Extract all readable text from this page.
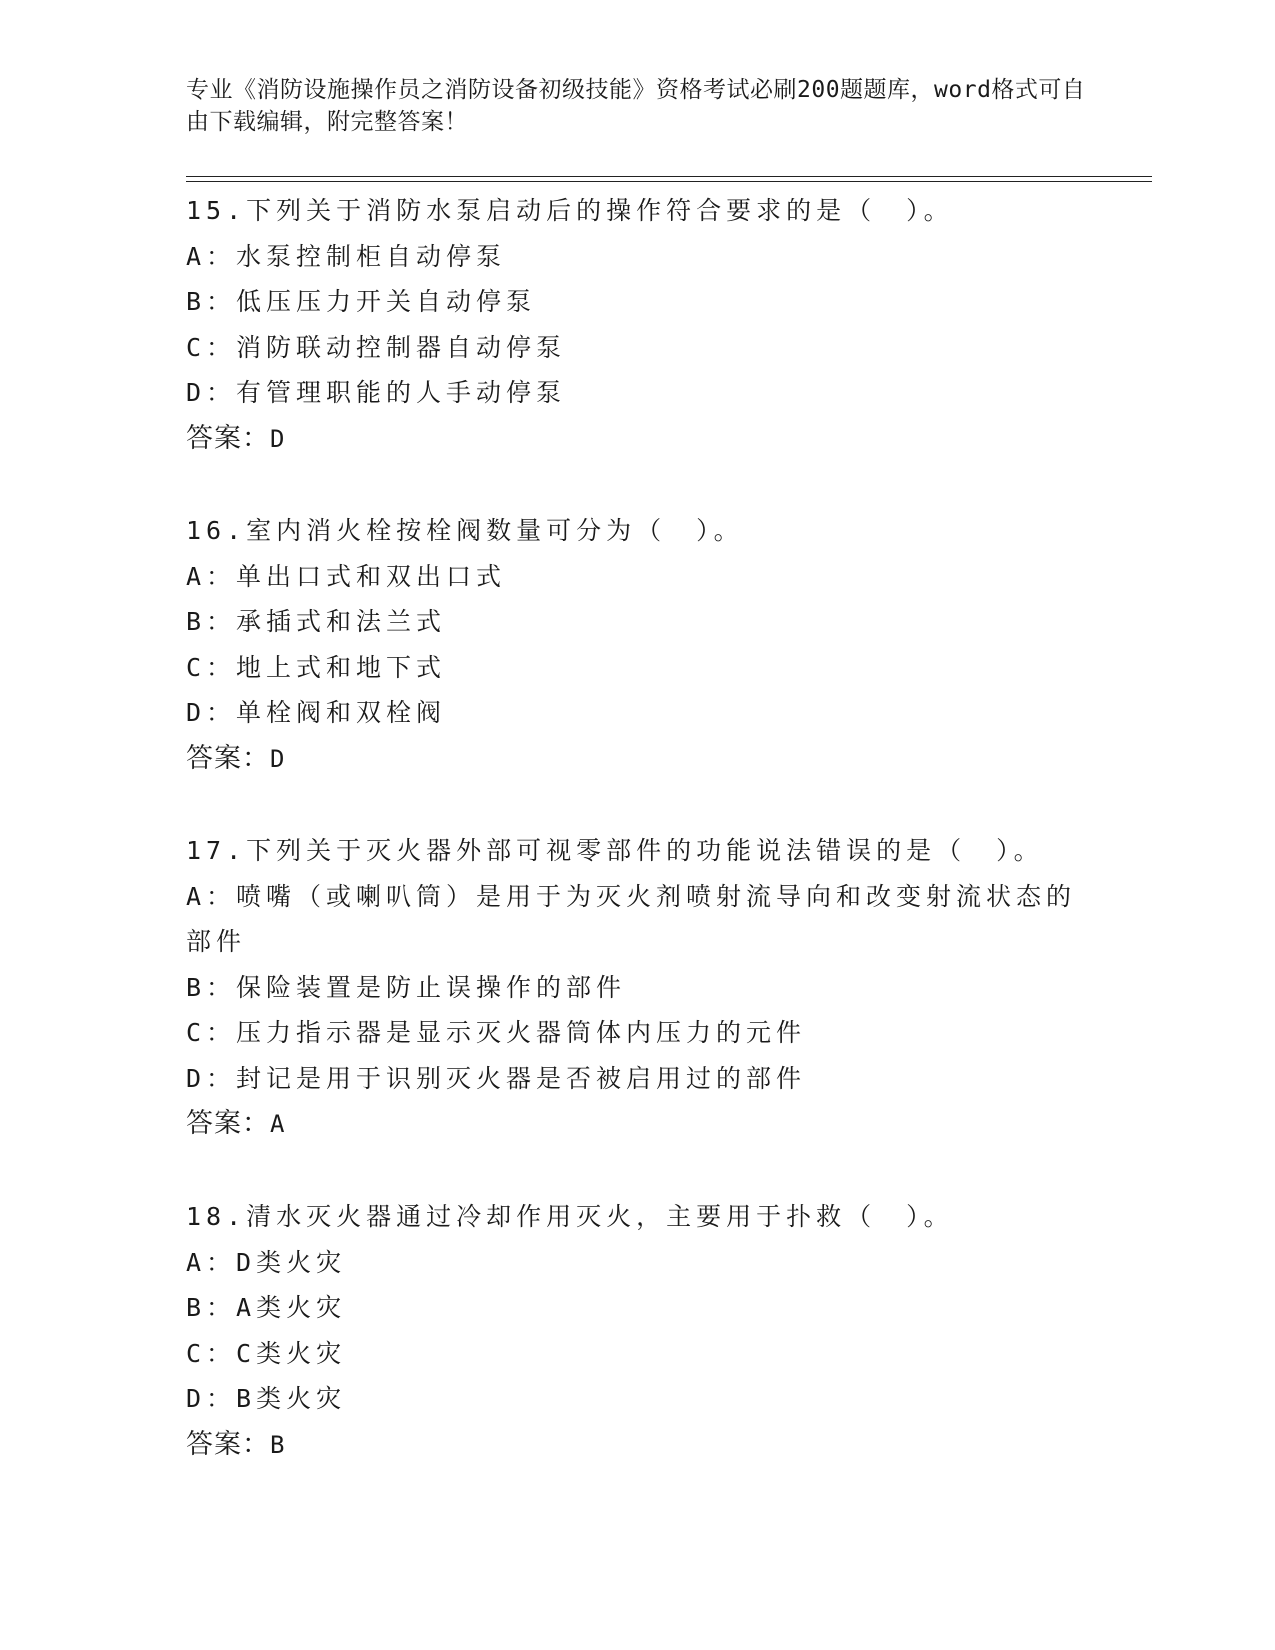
专业《消防设施操作员之消防设备初级技能》资格考试必刷200题题库，word格式可自由下载编辑，附完整答案！

15.下列关于消防水泵启动后的操作符合要求的是（　）。

A：水泵控制柜自动停泵

B：低压压力开关自动停泵

C：消防联动控制器自动停泵

D：有管理职能的人手动停泵

答案：D

16.室内消火栓按栓阀数量可分为（　）。

A：单出口式和双出口式

B：承插式和法兰式

C：地上式和地下式

D：单栓阀和双栓阀

答案：D

17.下列关于灭火器外部可视零部件的功能说法错误的是（　）。

A：喷嘴（或喇叭筒）是用于为灭火剂喷射流导向和改变射流状态的部件

B：保险装置是防止误操作的部件

C：压力指示器是显示灭火器筒体内压力的元件

D：封记是用于识别灭火器是否被启用过的部件

答案：A

18.清水灭火器通过冷却作用灭火，主要用于扑救（　）。

A：D类火灾

B：A类火灾

C：C类火灾

D：B类火灾

答案：B
